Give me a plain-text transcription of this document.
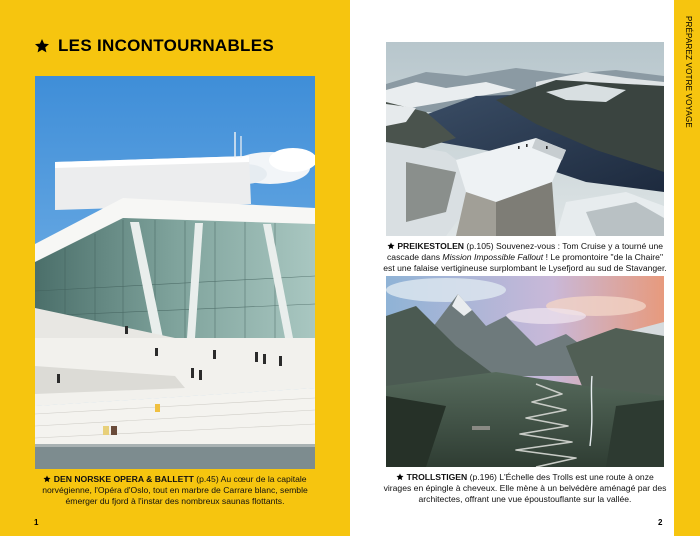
LES INCONTOURNABLES
DEN NORSKE OPERA & BALLETT (p.45) Au cœur de la capitale norvégienne, l'Opéra d'Oslo, tout en marbre de Carrare blanc, semble émerger du fjord à l'instar des nombreux saunas flottants.
1
PRÉPAREZ VOTRE VOYAGE
PREIKESTOLEN (p.105) Souvenez-vous : Tom Cruise y a tourné une cascade dans Mission Impossible Fallout ! Le promontoire "de la Chaire" est une falaise vertigineuse surplombant le Lysefjord au sud de Stavanger.
TROLLSTIGEN (p.196) L'Échelle des Trolls est une route à onze virages en épingle à cheveux. Elle mène à un belvédère aménagé par des architectes, offrant une vue époustouflante sur la vallée.
2
